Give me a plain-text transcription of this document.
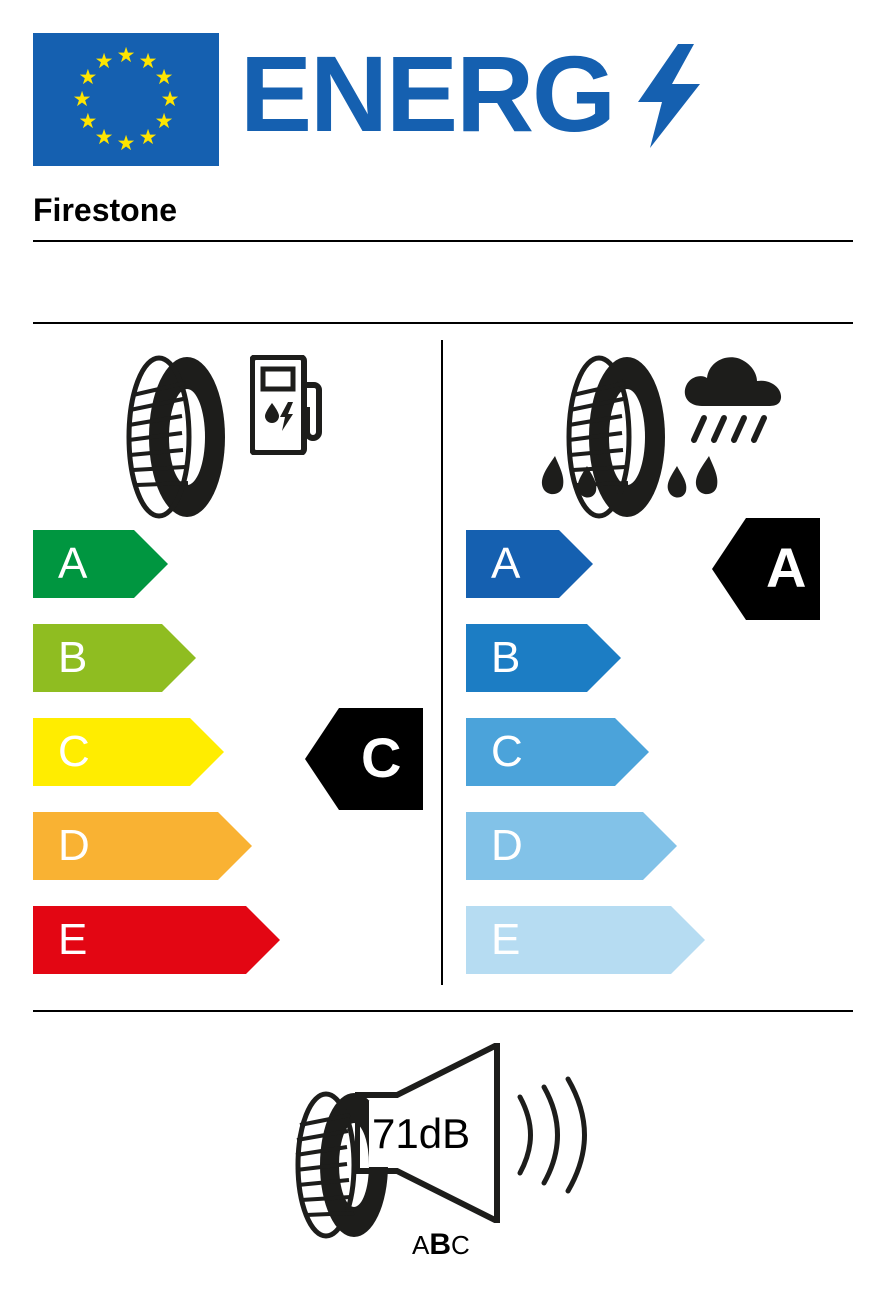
★ ★
★
★
★
★
★
★
★
★
★
★ ENERG
Firestone
A
B
C
D
E
C
A
B
C
D
E
A
71dB
ABC
